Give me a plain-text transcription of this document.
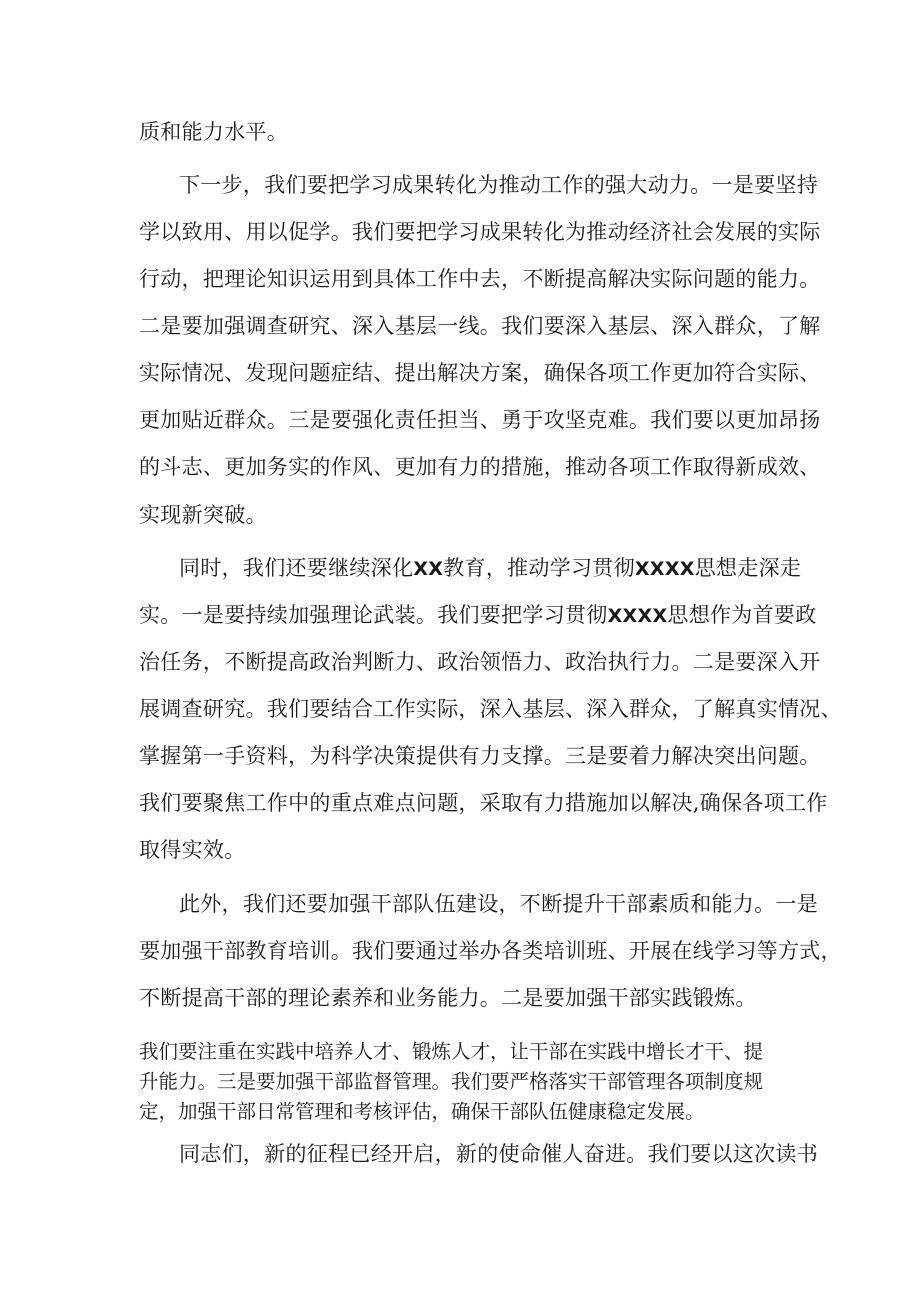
质和能力水平。
下一步，我们要把学习成果转化为推动工作的强大动力。一是要坚持
学以致用、用以促学。我们要把学习成果转化为推动经济社会发展的实际
行动，把理论知识运用到具体工作中去，不断提高解决实际问题的能力。
二是要加强调查研究、深入基层一线。我们要深入基层、深入群众，了解
实际情况、发现问题症结、提出解决方案，确保各项工作更加符合实际、
更加贴近群众。三是要强化责任担当、勇于攻坚克难。我们要以更加昂扬
的斗志、更加务实的作风、更加有力的措施，推动各项工作取得新成效、
实现新突破。
同时，我们还要继续深化XX教育，推动学习贯彻XXXX思想走深走
实。一是要持续加强理论武装。我们要把学习贯彻XXXX思想作为首要政
治任务，不断提高政治判断力、政治领悟力、政治执行力。二是要深入开
展调查研究。我们要结合工作实际，深入基层、深入群众，了解真实情况、
掌握第一手资料，为科学决策提供有力支撑。三是要着力解决突出问题。
我们要聚焦工作中的重点难点问题，采取有力措施加以解决,确保各项工作
取得实效。
此外，我们还要加强干部队伍建设，不断提升干部素质和能力。一是
要加强干部教育培训。我们要通过举办各类培训班、开展在线学习等方式，
不断提高干部的理论素养和业务能力。二是要加强干部实践锻炼。
我们要注重在实践中培养人才、锻炼人才，让干部在实践中增长才干、提
升能力。三是要加强干部监督管理。我们要严格落实干部管理各项制度规
定，加强干部日常管理和考核评估，确保干部队伍健康稳定发展。
同志们，新的征程已经开启，新的使命催人奋进。我们要以这次读书
